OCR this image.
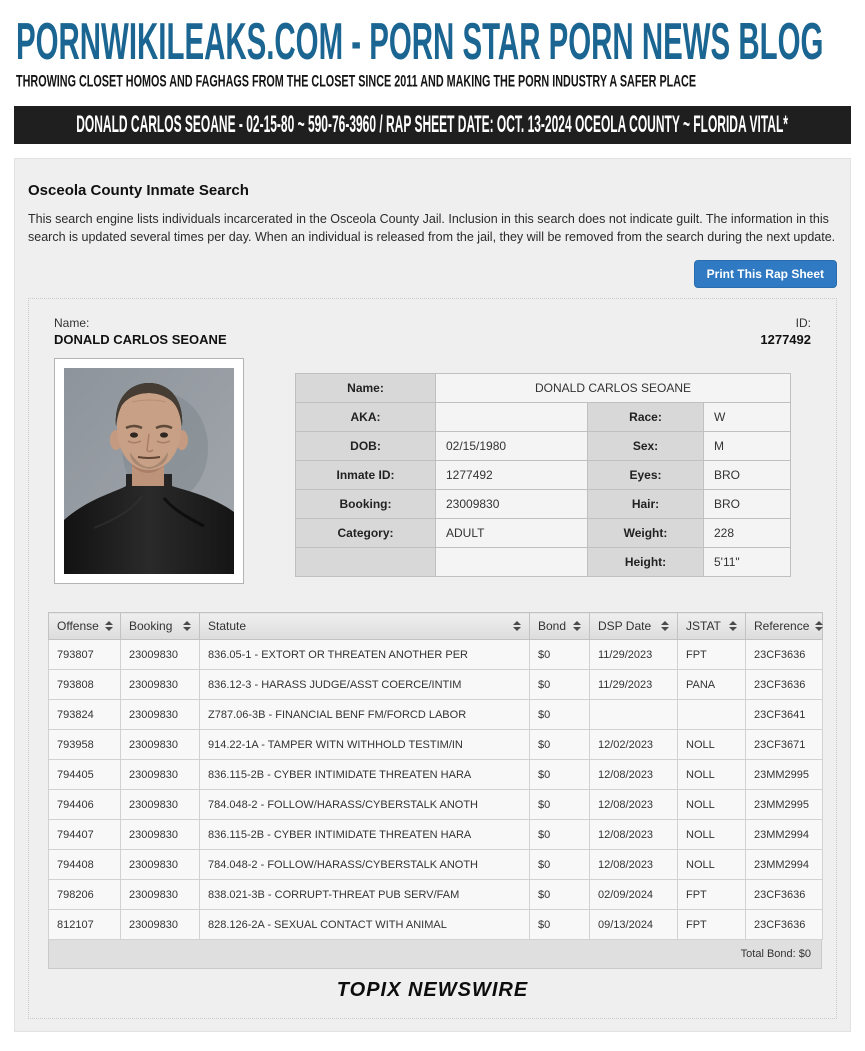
PORNWIKILEAKS.COM - PORN STAR PORN NEWS BLOG
THROWING CLOSET HOMOS AND FAGHAGS FROM THE CLOSET SINCE 2011 AND MAKING THE PORN INDUSTRY A SAFER PLACE
DONALD CARLOS SEOANE - 02-15-80 ~ 590-76-3960 / RAP SHEET DATE: OCT. 13-2024 OCEOLA COUNTY ~ FLORIDA VITAL*
Osceola County Inmate Search

This search engine lists individuals incarcerated in the Osceola County Jail. Inclusion in this search does not indicate guilt. The information in this search is updated several times per day. When an individual is released from the jail, they will be removed from the search during the next update.

Print This Rap Sheet
Name:
DONALD CARLOS SEOANE
ID:
1277492
Name:	DONALD CARLOS SEOANE		
AKA:		Race:	W
DOB:	02/15/1980	Sex:	M
Inmate ID:	1277492	Eyes:	BRO
Booking:	23009830	Hair:	BRO
Category:	ADULT	Weight:	228
		Height:	5'11"
Offense	Booking	Statute	Bond	DSP Date	JSTAT	Reference

793807	23009830	836.05-1 - EXTORT OR THREATEN ANOTHER PER	$0	11/29/2023	FPT	23CF3636
793808	23009830	836.12-3 - HARASS JUDGE/ASST COERCE/INTIM	$0	11/29/2023	PANA	23CF3636
793824	23009830	Z787.06-3B - FINANCIAL BENF FM/FORCD LABOR	$0			23CF3641
793958	23009830	914.22-1A - TAMPER WITN WITHHOLD TESTIM/IN	$0	12/02/2023	NOLL	23CF3671
794405	23009830	836.115-2B - CYBER INTIMIDATE THREATEN HARA	$0	12/08/2023	NOLL	23MM2995
794406	23009830	784.048-2 - FOLLOW/HARASS/CYBERSTALK ANOTH	$0	12/08/2023	NOLL	23MM2995
794407	23009830	836.115-2B - CYBER INTIMIDATE THREATEN HARA	$0	12/08/2023	NOLL	23MM2994
794408	23009830	784.048-2 - FOLLOW/HARASS/CYBERSTALK ANOTH	$0	12/08/2023	NOLL	23MM2994
798206	23009830	838.021-3B - CORRUPT-THREAT PUB SERV/FAM	$0	02/09/2024	FPT	23CF3636
812107	23009830	828.126-2A - SEXUAL CONTACT WITH ANIMAL	$0	09/13/2024	FPT	23CF3636
Total Bond: $0
TOPIX NEWSWIRE
